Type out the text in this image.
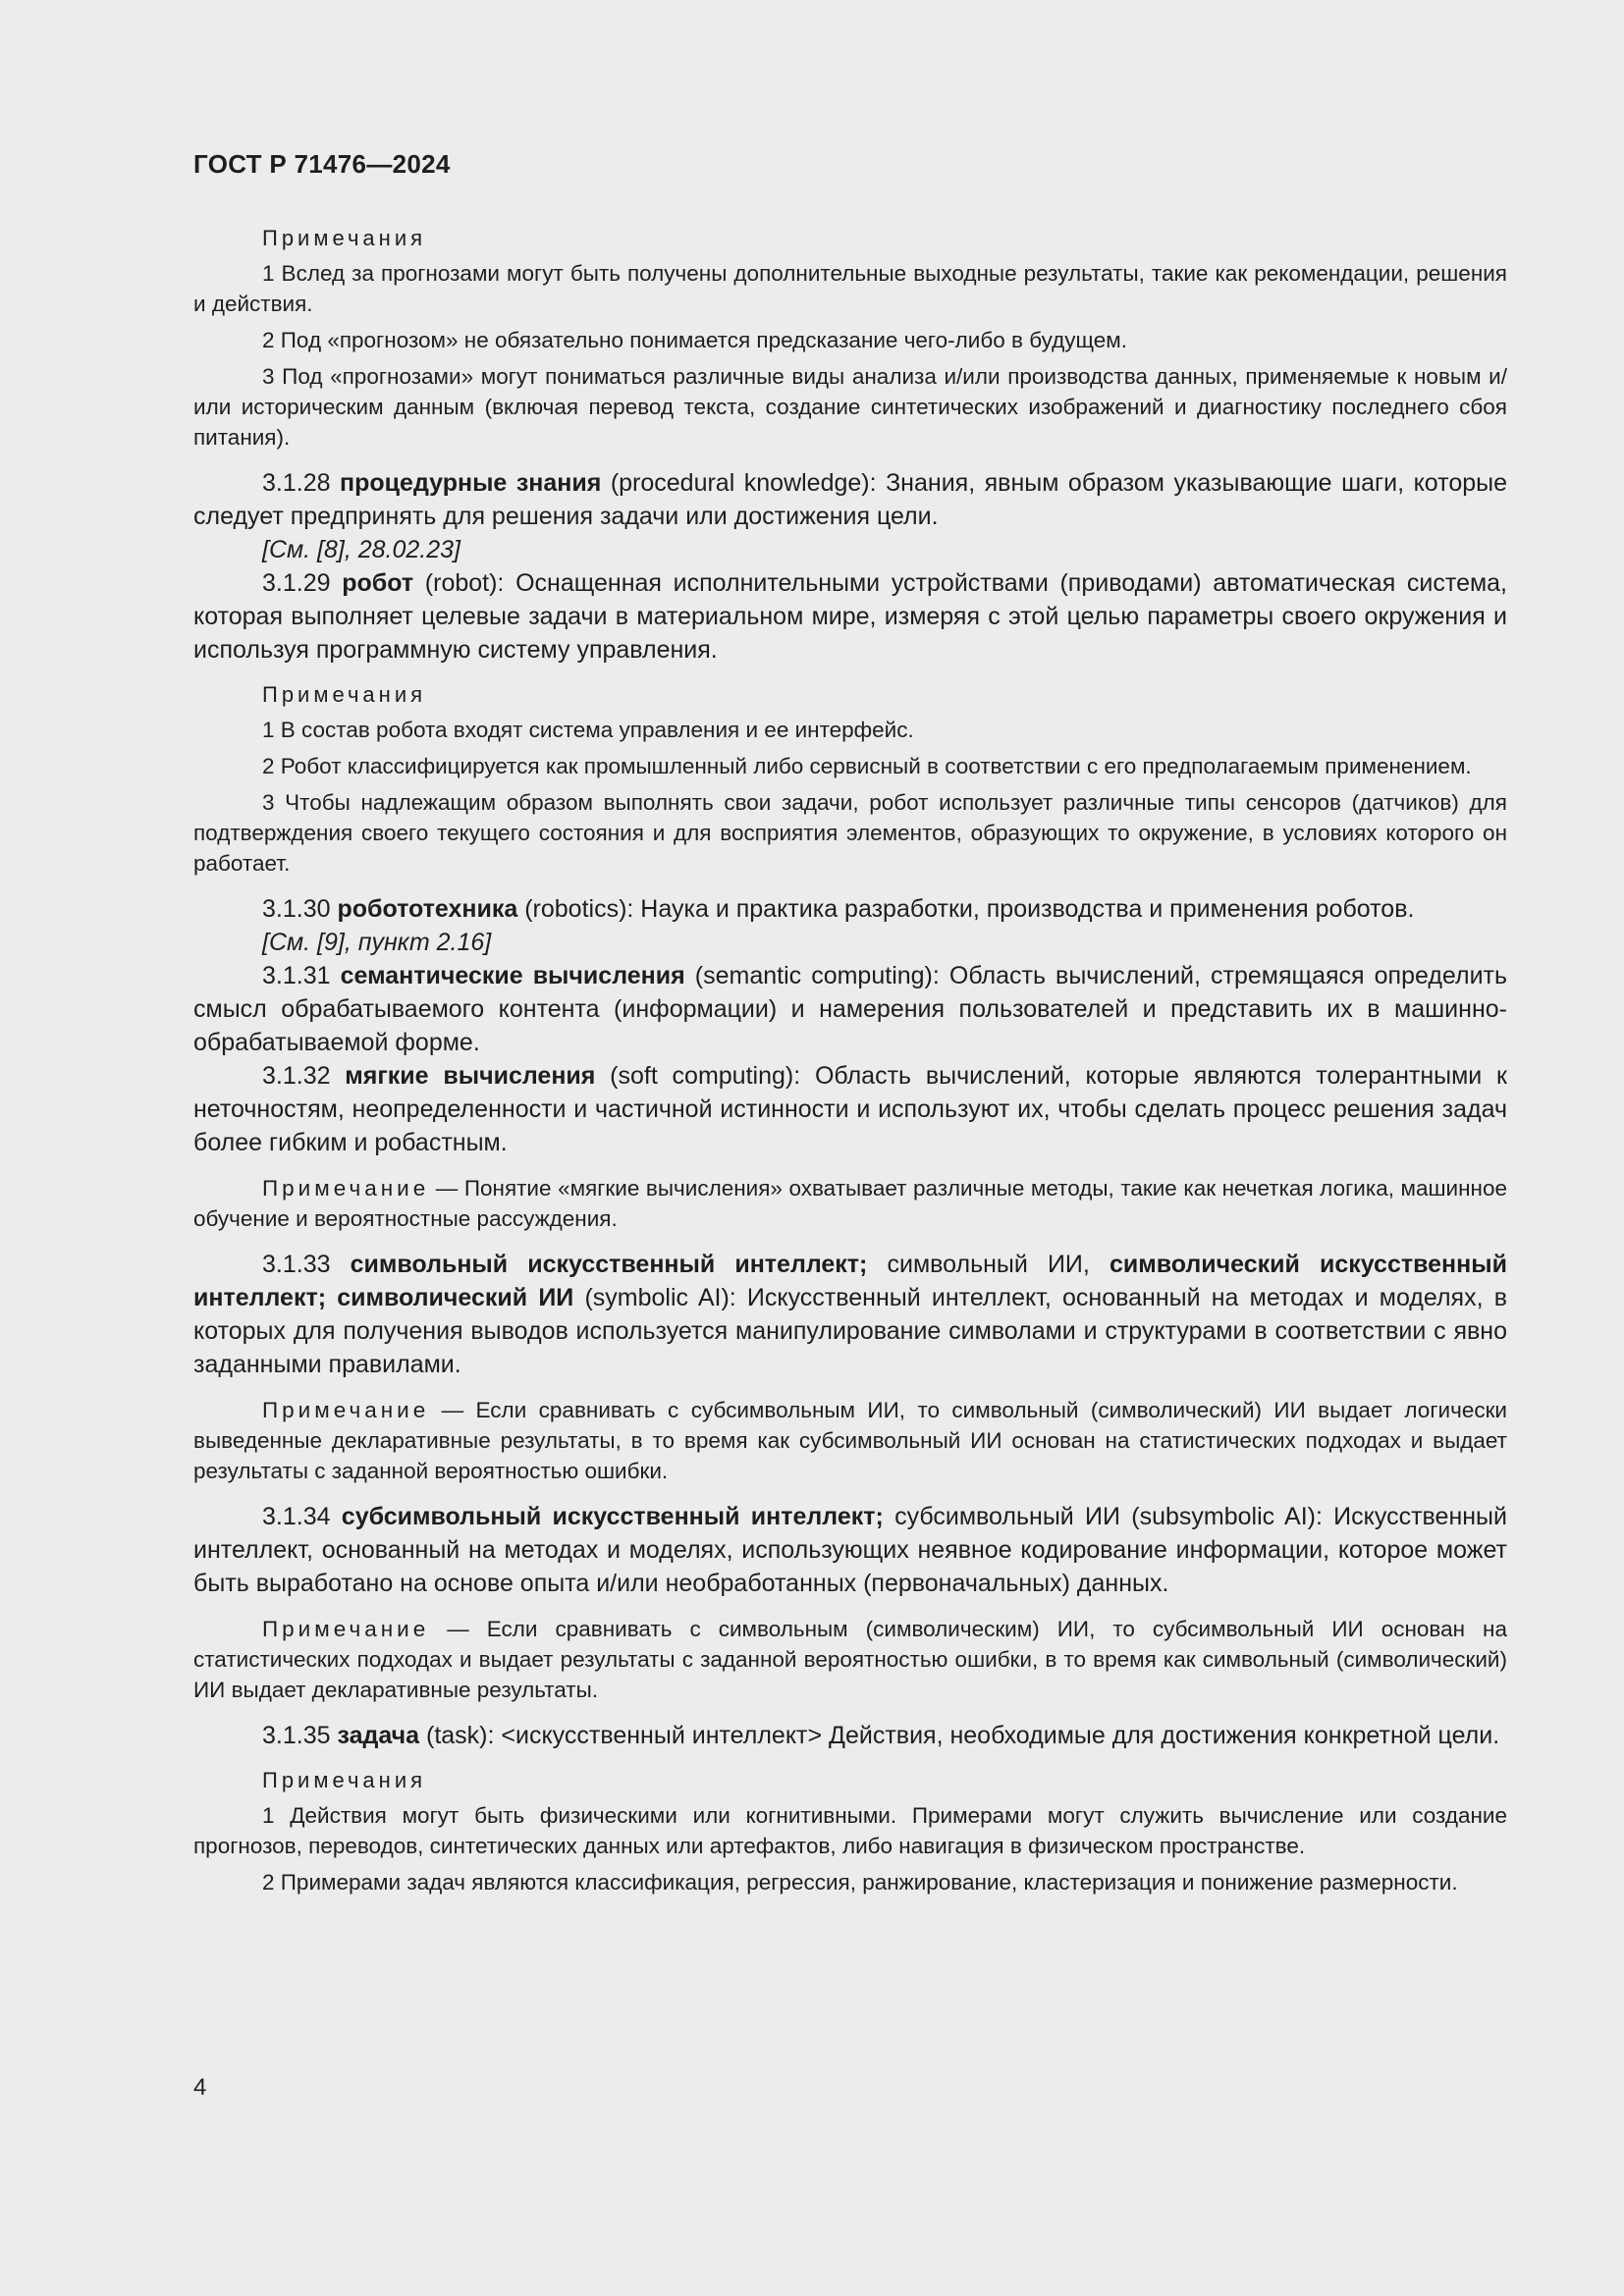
ГОСТ Р 71476—2024

Примечания

1 Вслед за прогнозами могут быть получены дополнительные выходные результаты, такие как рекомендации, решения и действия.

2 Под «прогнозом» не обязательно понимается предсказание чего-либо в будущем.

3 Под «прогнозами» могут пониматься различные виды анализа и/или производства данных, применяемые к новым и/или историческим данным (включая перевод текста, создание синтетических изображений и диагностику последнего сбоя питания).

3.1.28 процедурные знания (procedural knowledge): Знания, явным образом указывающие шаги, которые следует предпринять для решения задачи или достижения цели.

[См. [8], 28.02.23]

3.1.29 робот (robot): Оснащенная исполнительными устройствами (приводами) автоматическая система, которая выполняет целевые задачи в материальном мире, измеряя с этой целью параметры своего окружения и используя программную систему управления.

Примечания

1 В состав робота входят система управления и ее интерфейс.

2 Робот классифицируется как промышленный либо сервисный в соответствии с его предполагаемым применением.

3 Чтобы надлежащим образом выполнять свои задачи, робот использует различные типы сенсоров (датчиков) для подтверждения своего текущего состояния и для восприятия элементов, образующих то окружение, в условиях которого он работает.

3.1.30 робототехника (robotics): Наука и практика разработки, производства и применения роботов.

[См. [9], пункт 2.16]

3.1.31 семантические вычисления (semantic computing): Область вычислений, стремящаяся определить смысл обрабатываемого контента (информации) и намерения пользователей и представить их в машинно-обрабатываемой форме.

3.1.32 мягкие вычисления (soft computing): Область вычислений, которые являются толерантными к неточностям, неопределенности и частичной истинности и используют их, чтобы сделать процесс решения задач более гибким и робастным.

Примечание — Понятие «мягкие вычисления» охватывает различные методы, такие как нечеткая логика, машинное обучение и вероятностные рассуждения.

3.1.33 символьный искусственный интеллект; символьный ИИ, символический искусственный интеллект; символический ИИ (symbolic AI): Искусственный интеллект, основанный на методах и моделях, в которых для получения выводов используется манипулирование символами и структурами в соответствии с явно заданными правилами.

Примечание — Если сравнивать с субсимвольным ИИ, то символьный (символический) ИИ выдает логически выведенные декларативные результаты, в то время как субсимвольный ИИ основан на статистических подходах и выдает результаты с заданной вероятностью ошибки.

3.1.34 субсимвольный искусственный интеллект; субсимвольный ИИ (subsymbolic AI): Искусственный интеллект, основанный на методах и моделях, использующих неявное кодирование информации, которое может быть выработано на основе опыта и/или необработанных (первоначальных) данных.

Примечание — Если сравнивать с символьным (символическим) ИИ, то субсимвольный ИИ основан на статистических подходах и выдает результаты с заданной вероятностью ошибки, в то время как символьный (символический) ИИ выдает декларативные результаты.

3.1.35 задача (task): <искусственный интеллект> Действия, необходимые для достижения конкретной цели.

Примечания

1 Действия могут быть физическими или когнитивными. Примерами могут служить вычисление или создание прогнозов, переводов, синтетических данных или артефактов, либо навигация в физическом пространстве.

2 Примерами задач являются классификация, регрессия, ранжирование, кластеризация и понижение размерности.

4
